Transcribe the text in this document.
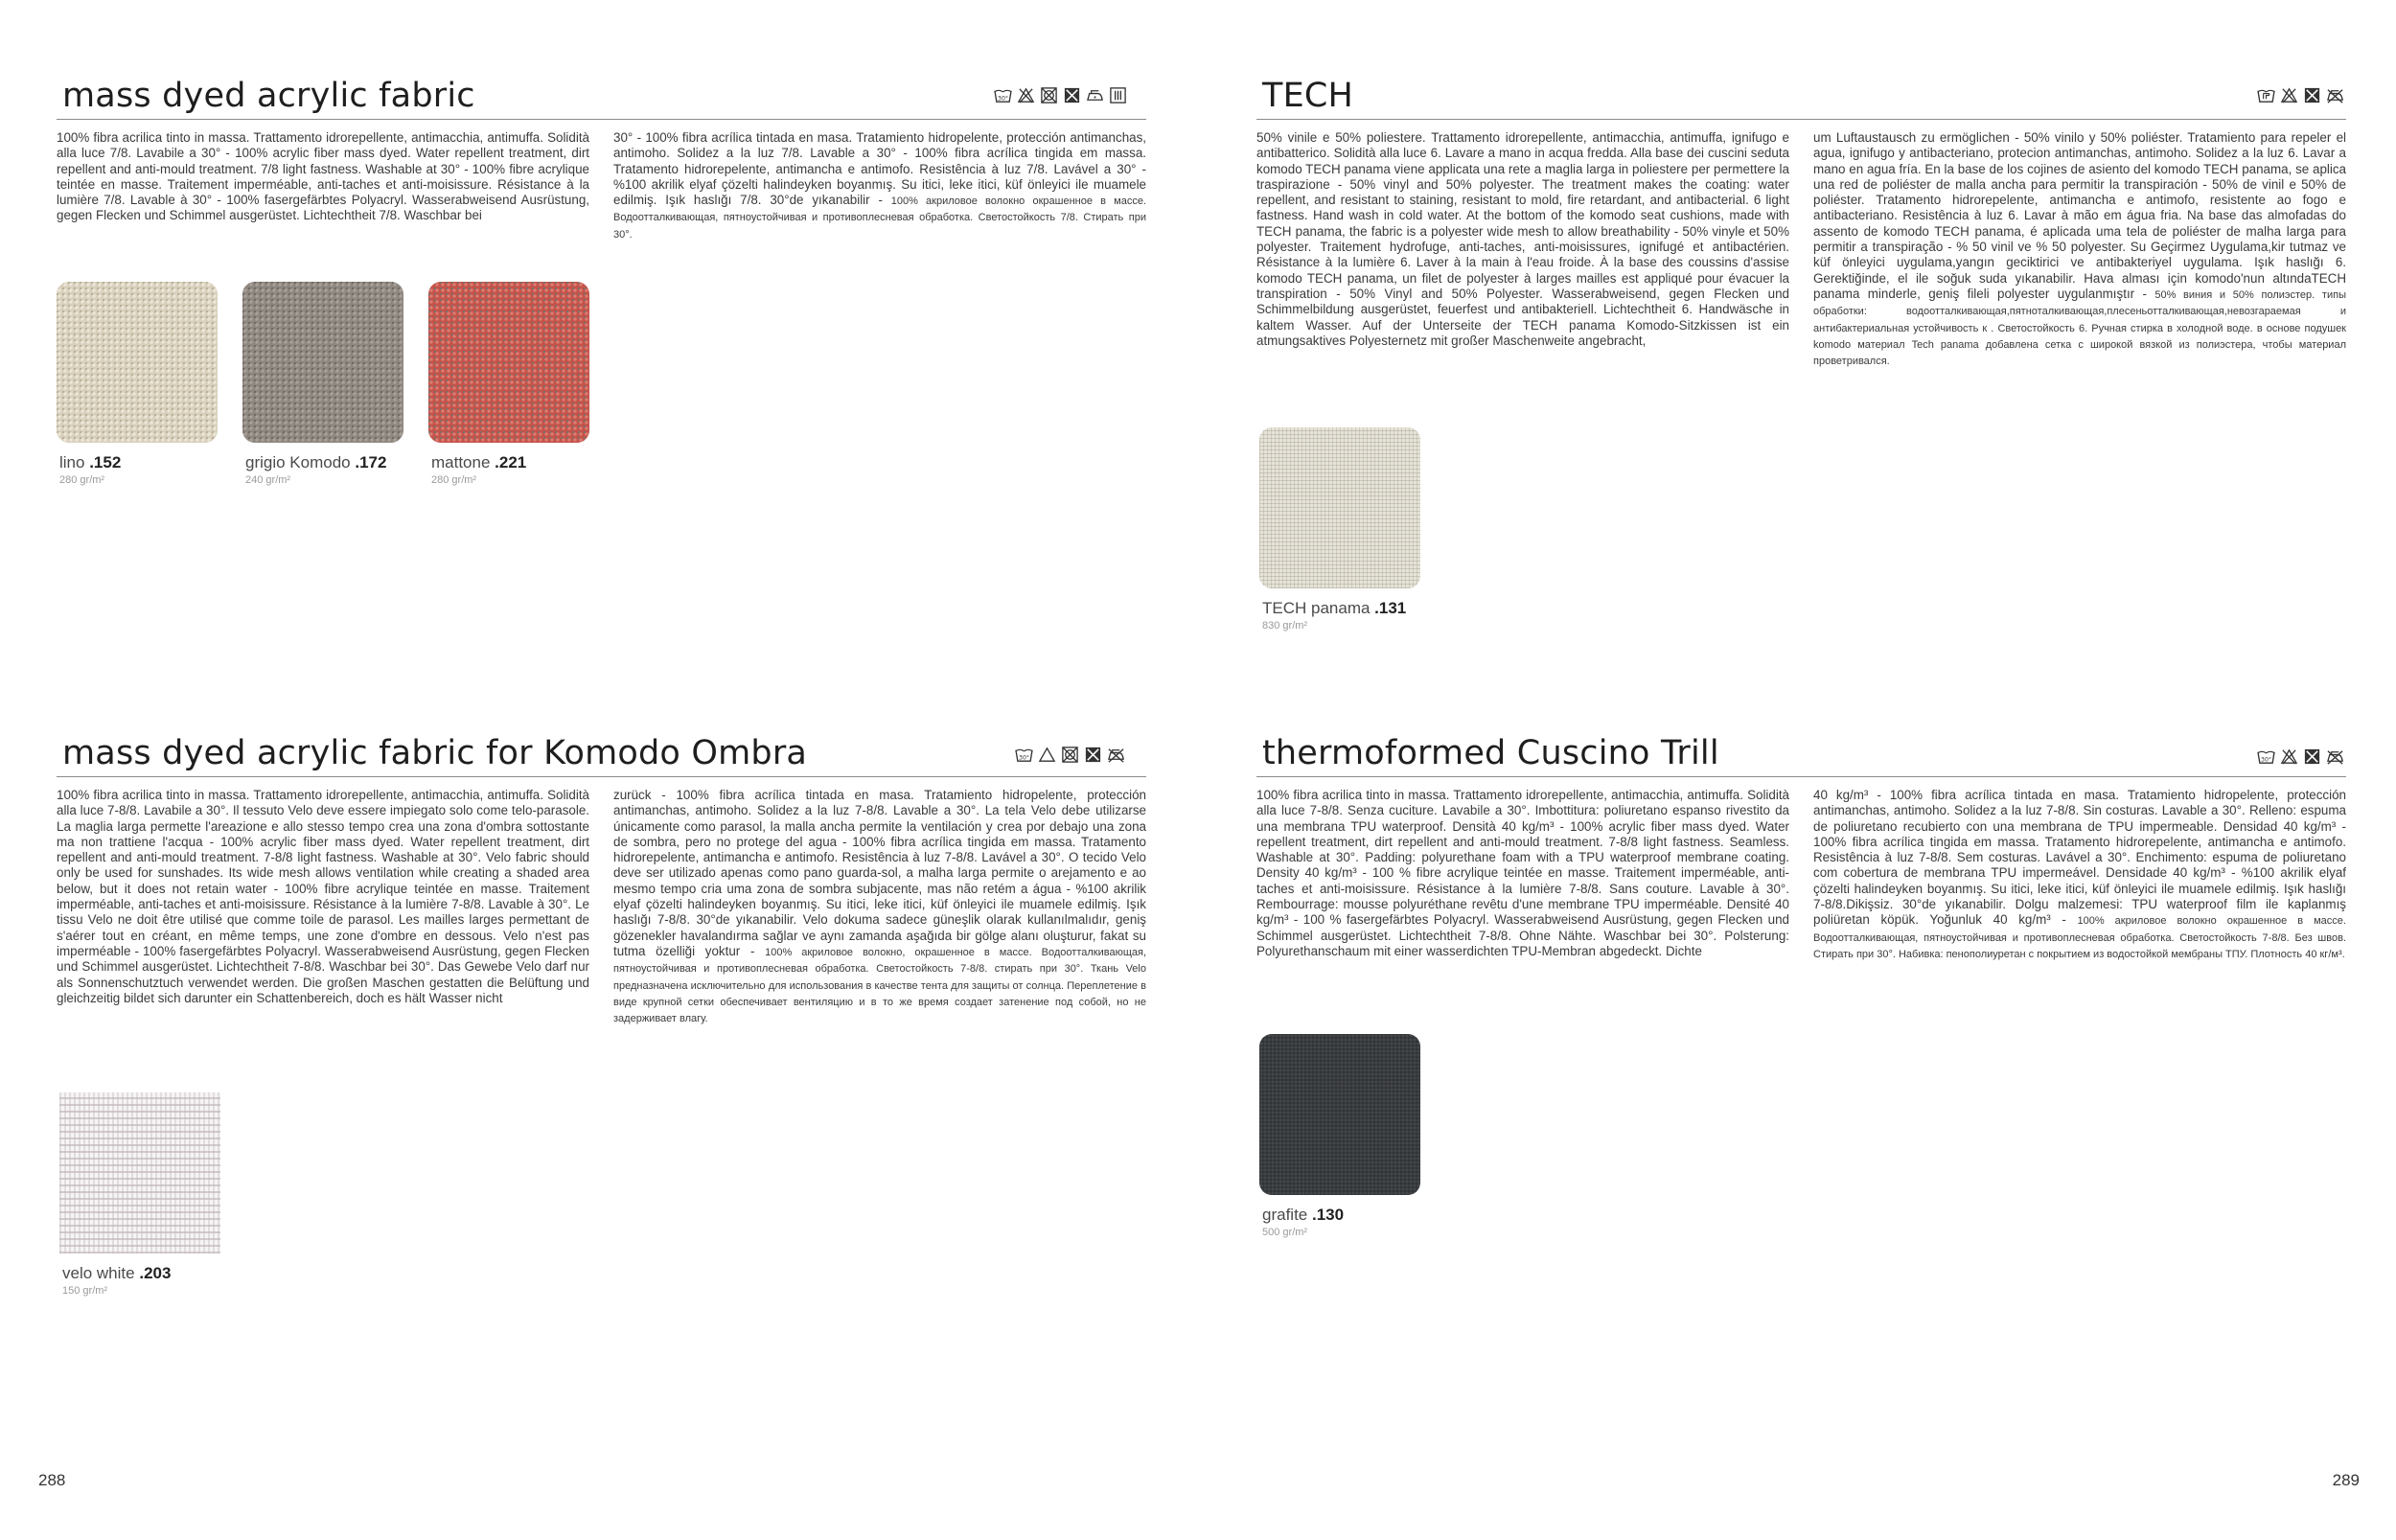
mass dyed acrylic fabric	30°
100% fibra acrilica tinto in massa. Trattamento idrorepellente, antimacchia, antimuffa. Solidità alla luce 7/8. Lavabile a 30° - 100% acrylic fiber mass dyed. Water repellent treatment, dirt repellent and anti-mould treatment. 7/8 light fastness. Washable at 30° - 100% fibre acrylique teintée en masse. Traitement imperméable, anti-taches et anti-moisissure. Résistance à la lumière 7/8. Lavable à 30° - 100% fasergefärbtes Polyacryl. Wasserabweisend Ausrüstung, gegen Flecken und Schimmel ausgerüstet. Lichtechtheit 7/8. Waschbar bei
30° - 100% fibra acrílica tintada en masa. Tratamiento hidropelente, protección antimanchas, antimoho. Solidez a la luz 7/8. Lavable a 30° - 100% fibra acrílica tingida em massa. Tratamento hidrorepelente, antimancha e antimofo. Resistência à luz 7/8. Lavável a 30° - %100 akrilik elyaf çözelti halindeyken boyanmış. Su itici, leke itici, küf önleyici ile muamele edilmiş. Işık haslığı 7/8. 30°de yıkanabilir - 100% акриловое волокно окрашенное в массе. Водоотталкивающая, пятноустойчивая и противоплесневая обработка. Светостойкость 7/8. Стирать при 30°.
lino .152
280 gr/m²
grigio Komodo .172
240 gr/m²
mattone .221
280 gr/m²
TECH
50% vinile e 50% poliestere. Trattamento idrorepellente, antimacchia, antimuffa, ignifugo e antibatterico. Solidità alla luce 6. Lavare a mano in acqua fredda. Alla base dei cuscini seduta komodo TECH panama viene applicata una rete a maglia larga in poliestere per permettere la traspirazione - 50% vinyl and 50% polyester. The treatment makes the coating: water repellent, and resistant to staining, resistant to mold, fire retardant, and antibacterial. 6 light fastness. Hand wash in cold water. At the bottom of the komodo seat cushions, made with TECH panama, the fabric is a polyester wide mesh to allow breathability - 50% vinyle et 50% polyester. Traitement hydrofuge, anti-taches, anti-moisissures, ignifugé et antibactérien. Résistance à la lumière 6. Laver à la main à l'eau froide. À la base des coussins d'assise komodo TECH panama, un filet de polyester à larges mailles est appliqué pour évacuer la transpiration - 50% Vinyl and 50% Polyester. Wasserabweisend, gegen Flecken und Schimmelbildung ausgerüstet, feuerfest und antibakteriell. Lichtechtheit 6. Handwäsche in kaltem Wasser. Auf der Unterseite der TECH panama Komodo-Sitzkissen ist ein atmungsaktives Polyesternetz mit großer Maschenweite angebracht,
um Luftaustausch zu ermöglichen - 50% vinilo y 50% poliéster. Tratamiento para repeler el agua, ignifugo y antibacteriano, protecion antimanchas, antimoho. Solidez a la luz 6. Lavar a mano en agua fría. En la base de los cojines de asiento del komodo TECH panama, se aplica una red de poliéster de malla ancha para permitir la transpiración - 50% de vinil e 50% de poliéster. Tratamento hidrorepelente, antimancha e antimofo, resistente ao fogo e antibacteriano. Resistência à luz 6. Lavar à mão em água fria. Na base das almofadas do assento de komodo TECH panama, é aplicada uma tela de poliéster de malha larga para permitir a transpiração - % 50 vinil ve % 50 polyester. Su Geçirmez Uygulama,kir tutmaz ve küf önleyici uygulama,yangın geciktirici ve antibakteriyel uygulama. Işık haslığı 6. Gerektiğinde, el ile soğuk suda yıkanabilir. Hava alması için komodo'nun altındaTECH panama minderle, geniş fileli polyester uygulanmıştır - 50% виния и 50% полиэстер. типы обработки: водоотталкивающая,пятноталкивающая,плесеньотталкивающая,невозгараемая и антибактериальная устойчивость к . Светостойкость 6. Ручная стирка в холодной воде. в основе подушек komodo материал Tech panama добавлена сетка с широкой вязкой из полиэстера, чтобы материал проветривался.
TECH panama .131
830 gr/m²
mass dyed acrylic fabric for Komodo Ombra	30°
100% fibra acrilica tinto in massa. Trattamento idrorepellente, antimacchia, antimuffa. Solidità alla luce 7-8/8. Lavabile a 30°. Il tessuto Velo deve essere impiegato solo come telo-parasole. La maglia larga permette l'areazione e allo stesso tempo crea una zona d'ombra sottostante ma non trattiene l'acqua - 100% acrylic fiber mass dyed. Water repellent treatment, dirt repellent and anti-mould treatment. 7-8/8 light fastness. Washable at 30°. Velo fabric should only be used for sunshades. Its wide mesh allows ventilation while creating a shaded area below, but it does not retain water - 100% fibre acrylique teintée en masse. Traitement imperméable, anti-taches et anti-moisissure. Résistance à la lumière 7-8/8. Lavable à 30°. Le tissu Velo ne doit être utilisé que comme toile de parasol. Les mailles larges permettant de s'aérer tout en créant, en même temps, une zone d'ombre en dessous. Velo n'est pas imperméable - 100% fasergefärbtes Polyacryl. Wasserabweisend Ausrüstung, gegen Flecken und Schimmel ausgerüstet. Lichtechtheit 7-8/8. Waschbar bei 30°. Das Gewebe Velo darf nur als Sonnenschutztuch verwendet werden. Die großen Maschen gestatten die Belüftung und gleichzeitig bildet sich darunter ein Schattenbereich, doch es hält Wasser nicht
zurück - 100% fibra acrílica tintada en masa. Tratamiento hidropelente, protección antimanchas, antimoho. Solidez a la luz 7-8/8. Lavable a 30°. La tela Velo debe utilizarse únicamente como parasol, la malla ancha permite la ventilación y crea por debajo una zona de sombra, pero no protege del agua - 100% fibra acrílica tingida em massa. Tratamento hidrorepelente, antimancha e antimofo. Resistência à luz 7-8/8. Lavável a 30°. O tecido Velo deve ser utilizado apenas como pano guarda-sol, a malha larga permite o arejamento e ao mesmo tempo cria uma zona de sombra subjacente, mas não retém a água - %100 akrilik elyaf çözelti halindeyken boyanmış. Su itici, leke itici, küf önleyici ile muamele edilmiş. Işık haslığı 7-8/8. 30°de yıkanabilir. Velo dokuma sadece güneşlik olarak kullanılmalıdır, geniş gözenekler havalandırma sağlar ve aynı zamanda aşağıda bir gölge alanı oluşturur, fakat su tutma özelliği yoktur - 100% акриловое волокно, окрашенное в массе. Водоотталкивающая, пятноустойчивая и противоплесневая обработка. Светостойкость 7-8/8. стирать при 30°. Ткань Velo предназначена исключительно для использования в качестве тента для защиты от солнца. Переплетение в виде крупной сетки обеспечивает вентиляцию и в то же время создает затенение под собой, но не задерживает влагу.
velo white .203
150 gr/m²
thermoformed Cuscino Trill	30°
100% fibra acrilica tinto in massa. Trattamento idrorepellente, antimacchia, antimuffa. Solidità alla luce 7-8/8. Senza cuciture. Lavabile a 30°. Imbottitura: poliuretano espanso rivestito da una membrana TPU waterproof. Densità 40 kg/m³ - 100% acrylic fiber mass dyed. Water repellent treatment, dirt repellent and anti-mould treatment. 7-8/8 light fastness. Seamless. Washable at 30°. Padding: polyurethane foam with a TPU waterproof membrane coating. Density 40 kg/m³ - 100 % fibre acrylique teintée en masse. Traitement imperméable, anti-taches et anti-moisissure. Résistance à la lumière 7-8/8. Sans couture. Lavable à 30°. Rembourrage: mousse polyuréthane revêtu d'une membrane TPU imperméable. Densité 40 kg/m³ - 100 % fasergefärbtes Polyacryl. Wasserabweisend Ausrüstung, gegen Flecken und Schimmel ausgerüstet. Lichtechtheit 7-8/8. Ohne Nähte. Waschbar bei 30°. Polsterung: Polyurethanschaum mit einer wasserdichten TPU-Membran abgedeckt. Dichte
40 kg/m³ - 100% fibra acrílica tintada en masa. Tratamiento hidropelente, protección antimanchas, antimoho. Solidez a la luz 7-8/8. Sin costuras. Lavable a 30°. Relleno: espuma de poliuretano recubierto con una membrana de TPU impermeable. Densidad 40 kg/m³ - 100% fibra acrílica tingida em massa. Tratamento hidrorepelente, antimancha e antimofo. Resistência à luz 7-8/8. Sem costuras. Lavável a 30°. Enchimento: espuma de poliuretano com cobertura de membrana TPU impermeável. Densidade 40 kg/m³ - %100 akrilik elyaf çözelti halindeyken boyanmış. Su itici, leke itici, küf önleyici ile muamele edilmiş. Işık haslığı 7-8/8.Dikişsiz. 30°de yıkanabilir. Dolgu malzemesi: TPU waterproof film ile kaplanmış poliüretan köpük. Yoğunluk 40 kg/m³ - 100% акриловое волокно окрашенное в массе. Водоотталкивающая, пятноустойчивая и противоплесневая обработка. Светостойкость 7-8/8. Без швов. Стирать при 30°. Набивка: пенополиуретан с покрытием из водостойкой мембраны ТПУ. Плотность 40 кг/м³.
grafite .130
500 gr/m²
288	289
